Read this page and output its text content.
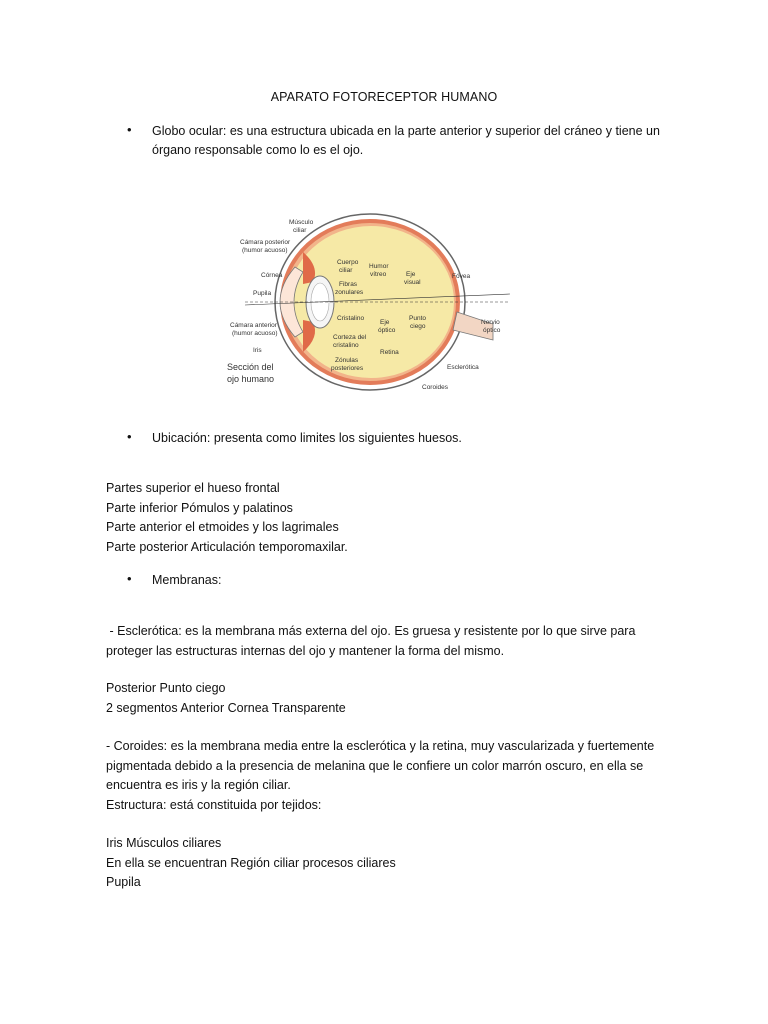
APARATO FOTORECEPTOR HUMANO
•	Globo ocular: es una estructura ubicada en la parte anterior y superior del cráneo y tiene un órgano responsable como lo es el ojo.
Músculo
ciliar
Cámara posterior
(humor acuoso)
Córnea
Pupila
Cámara anterior
(humor acuoso)
Iris
Cuerpo
ciliar
Fibras
zonulares
Cristalino
Corteza del
cristalino
Zónulas
posteriores
Humor
vítreo	Eje
visual
Eje
óptico
Punto
ciego
Retina
Fóvea
Nervio
óptico
Esclerótica
Coroides
Sección del
ojo humano
•	Ubicación: presenta como limites los siguientes huesos.
Partes superior el hueso frontal
Parte inferior Pómulos y palatinos
Parte anterior el etmoides y los lagrimales
Parte posterior Articulación temporomaxilar.
•	Membranas:
- Esclerótica: es la membrana más externa del ojo. Es gruesa y resistente por lo que sirve para
proteger las estructuras internas del ojo y mantener la forma del mismo.
Posterior Punto ciego
2 segmentos Anterior Cornea Transparente
- Coroides: es la membrana media entre la esclerótica y la retina, muy vascularizada y fuertemente
pigmentada debido a la presencia de melanina que le confiere un color marrón oscuro, en ella se
encuentra es iris y la región ciliar.
Estructura: está constituida por tejidos:
Iris Músculos ciliares
En ella se encuentran Región ciliar procesos ciliares
Pupila
